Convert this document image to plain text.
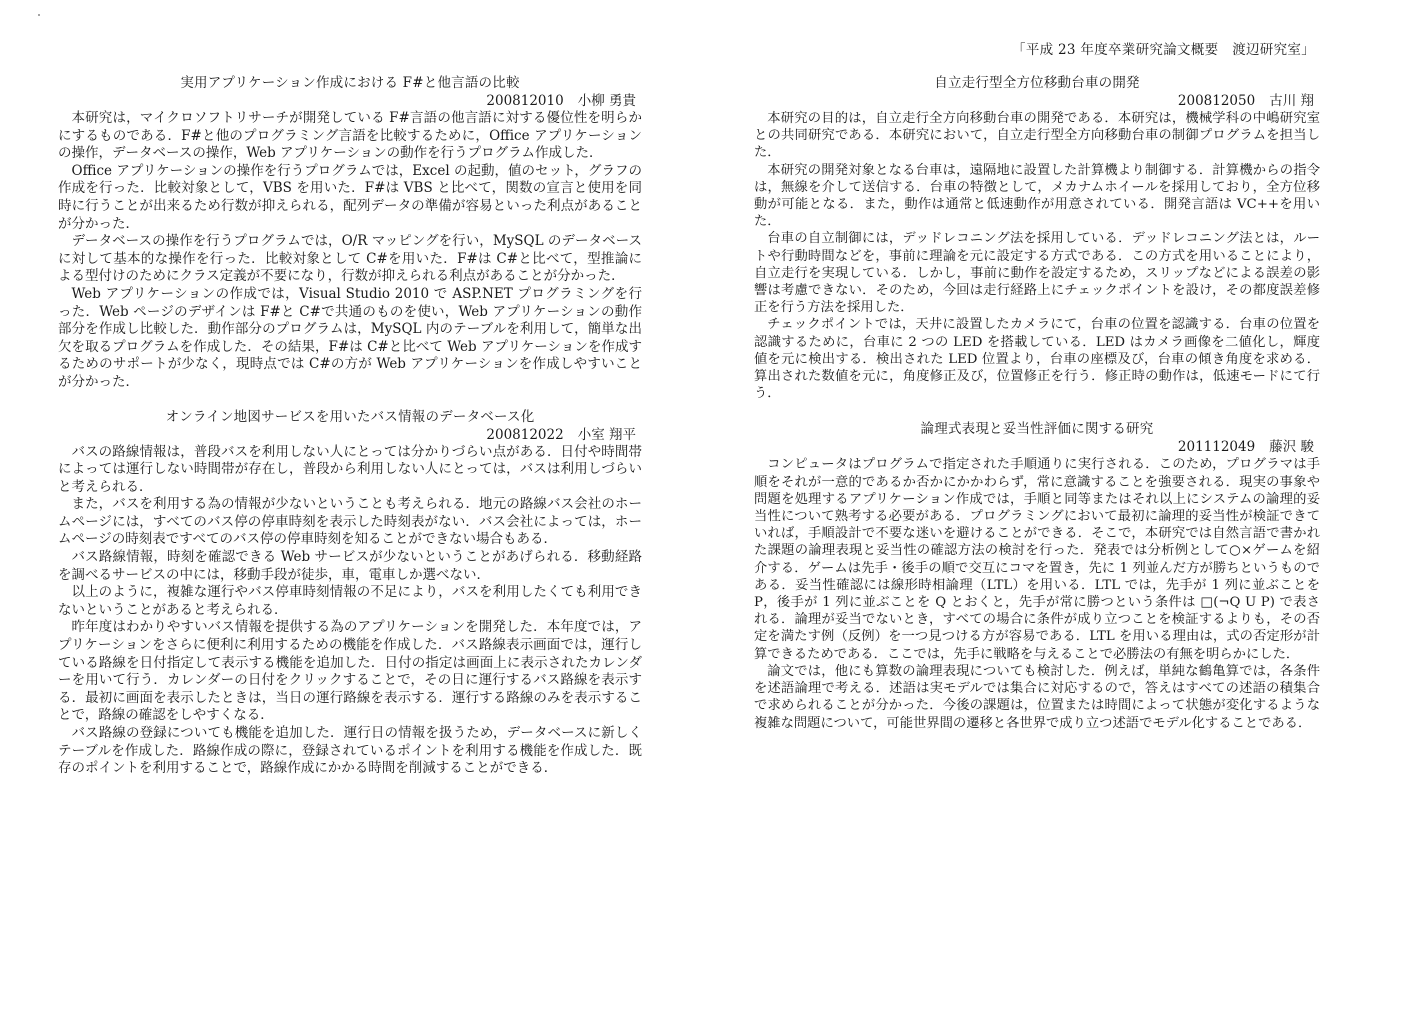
「平成 23 年度卒業研究論文概要　渡辺研究室」
実用アプリケーション作成における F#と他言語の比較
200812010 小柳 勇貴

本研究は，マイクロソフトリサーチが開発している F#言語の他言語に対する優位性を明らかにするものである．F#と他のプログラミング言語を比較するために，Office アプリケーションの操作，データベースの操作，Web アプリケーションの動作を行うプログラム作成した．

Office アプリケーションの操作を行うプログラムでは，Excel の起動，値のセット，グラフの作成を行った．比較対象として，VBS を用いた．F#は VBS と比べて，関数の宣言と使用を同時に行うことが出来るため行数が抑えられる，配列データの準備が容易といった利点があることが分かった．

データベースの操作を行うプログラムでは，O/R マッピングを行い，MySQL のデータベースに対して基本的な操作を行った．比較対象として C#を用いた．F#は C#と比べて，型推論による型付けのためにクラス定義が不要になり，行数が抑えられる利点があることが分かった．

Web アプリケーションの作成では，Visual Studio 2010 で ASP.NET プログラミングを行った．Web ページのデザインは F#と C#で共通のものを使い，Web アプリケーションの動作部分を作成し比較した．動作部分のプログラムは，MySQL 内のテーブルを利用して，簡単な出欠を取るプログラムを作成した．その結果，F#は C#と比べて Web アプリケーションを作成するためのサポートが少なく，現時点では C#の方が Web アプリケーションを作成しやすいことが分かった．

オンライン地図サービスを用いたバス情報のデータベース化
200812022 小室 翔平

バスの路線情報は，普段バスを利用しない人にとっては分かりづらい点がある．日付や時間帯によっては運行しない時間帯が存在し，普段から利用しない人にとっては，バスは利用しづらいと考えられる．

また，バスを利用する為の情報が少ないということも考えられる．地元の路線バス会社のホームページには，すべてのバス停の停車時刻を表示した時刻表がない．バス会社によっては，ホームページの時刻表ですべてのバス停の停車時刻を知ることができない場合もある．

バス路線情報，時刻を確認できる Web サービスが少ないということがあげられる．移動経路を調べるサービスの中には，移動手段が徒歩，車，電車しか選べない．

以上のように，複雑な運行やバス停車時刻情報の不足により，バスを利用したくても利用できないということがあると考えられる．

昨年度はわかりやすいバス情報を提供する為のアプリケーションを開発した．本年度では，アプリケーションをさらに便利に利用するための機能を作成した．バス路線表示画面では，運行している路線を日付指定して表示する機能を追加した．日付の指定は画面上に表示されたカレンダーを用いて行う．カレンダーの日付をクリックすることで，その日に運行するバス路線を表示する．最初に画面を表示したときは，当日の運行路線を表示する．運行する路線のみを表示することで，路線の確認をしやすくなる．

バス路線の登録についても機能を追加した．運行日の情報を扱うため，データベースに新しくテーブルを作成した．路線作成の際に，登録されているポイントを利用する機能を作成した．既存のポイントを利用することで，路線作成にかかる時間を削減することができる．

自立走行型全方位移動台車の開発
200812050 古川 翔

本研究の目的は，自立走行全方向移動台車の開発である．本研究は，機械学科の中嶋研究室との共同研究である．本研究において，自立走行型全方向移動台車の制御プログラムを担当した．

本研究の開発対象となる台車は，遠隔地に設置した計算機より制御する．計算機からの指令は，無線を介して送信する．台車の特徴として，メカナムホイールを採用しており，全方位移動が可能となる．また，動作は通常と低速動作が用意されている．開発言語は VC++を用いた．

台車の自立制御には，デッドレコニング法を採用している．デッドレコニング法とは，ルートや行動時間などを，事前に理論を元に設定する方式である．この方式を用いることにより，自立走行を実現している．しかし，事前に動作を設定するため，スリップなどによる誤差の影響は考慮できない．そのため，今回は走行経路上にチェックポイントを設け，その都度誤差修正を行う方法を採用した．

チェックポイントでは，天井に設置したカメラにて，台車の位置を認識する．台車の位置を認識するために，台車に 2 つの LED を搭載している．LED はカメラ画像を二値化し，輝度値を元に検出する．検出された LED 位置より，台車の座標及び，台車の傾き角度を求める．算出された数値を元に，角度修正及び，位置修正を行う．修正時の動作は，低速モードにて行う．

論理式表現と妥当性評価に関する研究
201112049 藤沢 駿

コンピュータはプログラムで指定された手順通りに実行される．このため，プログラマは手順をそれが一意的であるか否かにかかわらず，常に意識することを強要される．現実の事象や問題を処理するアプリケーション作成では，手順と同等またはそれ以上にシステムの論理的妥当性について熟考する必要がある．プログラミングにおいて最初に論理的妥当性が検証できていれば，手順設計で不要な迷いを避けることができる．そこで，本研究では自然言語で書かれた課題の論理表現と妥当性の確認方法の検討を行った．発表では分析例として○×ゲームを紹介する．ゲームは先手・後手の順で交互にコマを置き，先に 1 列並んだ方が勝ちというものである．妥当性確認には線形時相論理（LTL）を用いる．LTL では，先手が 1 列に並ぶことを P，後手が 1 列に並ぶことを Q とおくと，先手が常に勝つという条件は □(¬Q U P) で表される．論理が妥当でないとき，すべての場合に条件が成り立つことを検証するよりも，その否定を満たす例（反例）を一つ見つける方が容易である．LTL を用いる理由は，式の否定形が計算できるためである．ここでは，先手に戦略を与えることで必勝法の有無を明らかにした．

論文では，他にも算数の論理表現についても検討した．例えば，単純な鶴亀算では，各条件を述語論理で考える．述語は実モデルでは集合に対応するので，答えはすべての述語の積集合で求められることが分かった．今後の課題は，位置または時間によって状態が変化するような複雑な問題について，可能世界間の遷移と各世界で成り立つ述語でモデル化することである．
